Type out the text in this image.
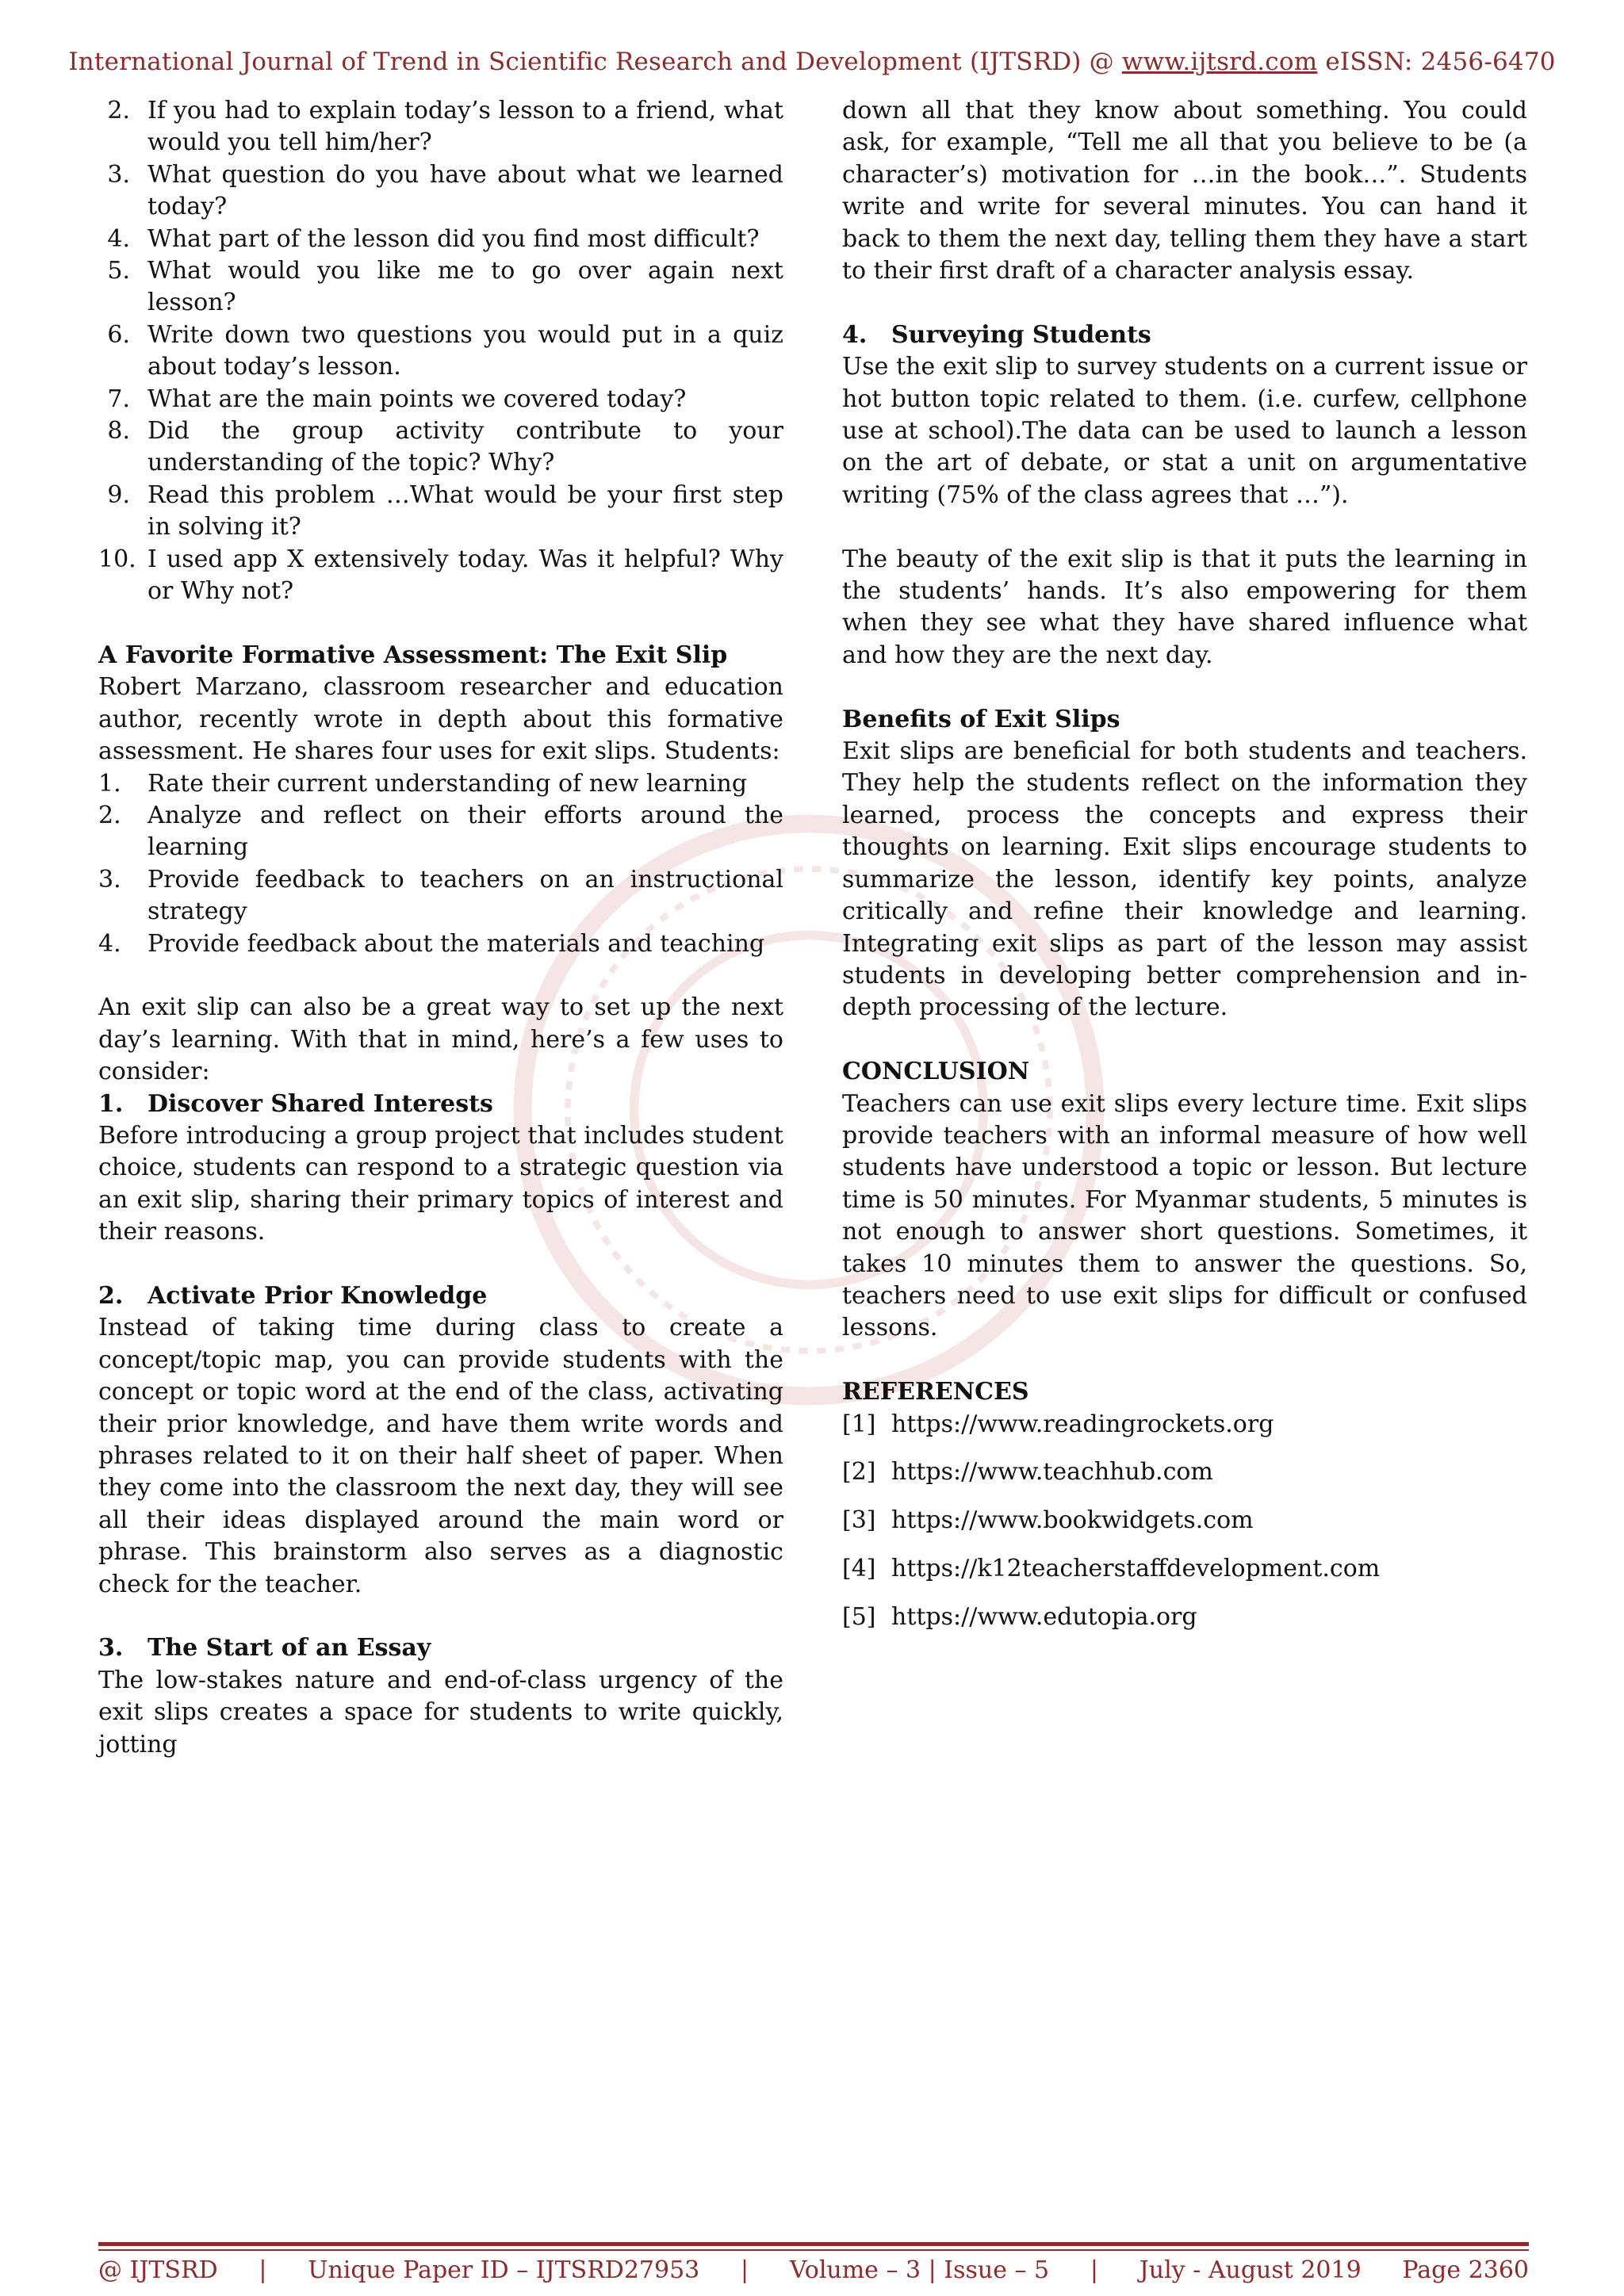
International Journal of Trend in Scientific Research and Development (IJTSRD) @ www.ijtsrd.com eISSN: 2456-6470
2. If you had to explain today’s lesson to a friend, what would you tell him/her?
3. What question do you have about what we learned today?
4. What part of the lesson did you find most difficult?
5. What would you like me to go over again next lesson?
6. Write down two questions you would put in a quiz about today’s lesson.
7. What are the main points we covered today?
8. Did the group activity contribute to your understanding of the topic? Why?
9. Read this problem …What would be your first step in solving it?
10. I used app X extensively today. Was it helpful? Why or Why not?

A Favorite Formative Assessment: The Exit Slip

Robert Marzano, classroom researcher and education author, recently wrote in depth about this formative assessment. He shares four uses for exit slips. Students:

1.	Rate their current understanding of new learning
2.	Analyze and reflect on their efforts around the learning
3.	Provide feedback to teachers on an instructional strategy
4.	Provide feedback about the materials and teaching

An exit slip can also be a great way to set up the next day’s learning. With that in mind, here’s a few uses to consider:

1. Discover Shared Interests

Before introducing a group project that includes student choice, students can respond to a strategic question via an exit slip, sharing their primary topics of interest and their reasons.

2. Activate Prior Knowledge

Instead of taking time during class to create a concept/topic map, you can provide students with the concept or topic word at the end of the class, activating their prior knowledge, and have them write words and phrases related to it on their half sheet of paper. When they come into the classroom the next day, they will see all their ideas displayed around the main word or phrase. This brainstorm also serves as a diagnostic check for the teacher.

3. The Start of an Essay

The low-stakes nature and end-of-class urgency of the exit slips creates a space for students to write quickly, jotting

down all that they know about something. You could ask, for example, “Tell me all that you believe to be (a character’s) motivation for …in the book…”. Students write and write for several minutes. You can hand it back to them the next day, telling them they have a start to their first draft of a character analysis essay.

4. Surveying Students

Use the exit slip to survey students on a current issue or hot button topic related to them. (i.e. curfew, cellphone use at school).The data can be used to launch a lesson on the art of debate, or stat a unit on argumentative writing (75% of the class agrees that …”).

The beauty of the exit slip is that it puts the learning in the students’ hands. It’s also empowering for them when they see what they have shared influence what and how they are the next day.

Benefits of Exit Slips

Exit slips are beneficial for both students and teachers. They help the students reflect on the information they learned, process the concepts and express their thoughts on learning. Exit slips encourage students to summarize the lesson, identify key points, analyze critically and refine their knowledge and learning. Integrating exit slips as part of the lesson may assist students in developing better comprehension and in-depth processing of the lecture.

CONCLUSION

Teachers can use exit slips every lecture time. Exit slips provide teachers with an informal measure of how well students have understood a topic or lesson. But lecture time is 50 minutes. For Myanmar students, 5 minutes is not enough to answer short questions. Sometimes, it takes 10 minutes them to answer the questions. So, teachers need to use exit slips for difficult or confused lessons.

REFERENCES

[1] https://www.readingrockets.org

[2] https://www.teachhub.com

[3] https://www.bookwidgets.com

[4] https://k12teacherstaffdevelopment.com

[5] https://www.edutopia.org

@ IJTSRD | Unique Paper ID – IJTSRD27953 | Volume – 3 | Issue – 5 | July - August 2019 Page 2360
